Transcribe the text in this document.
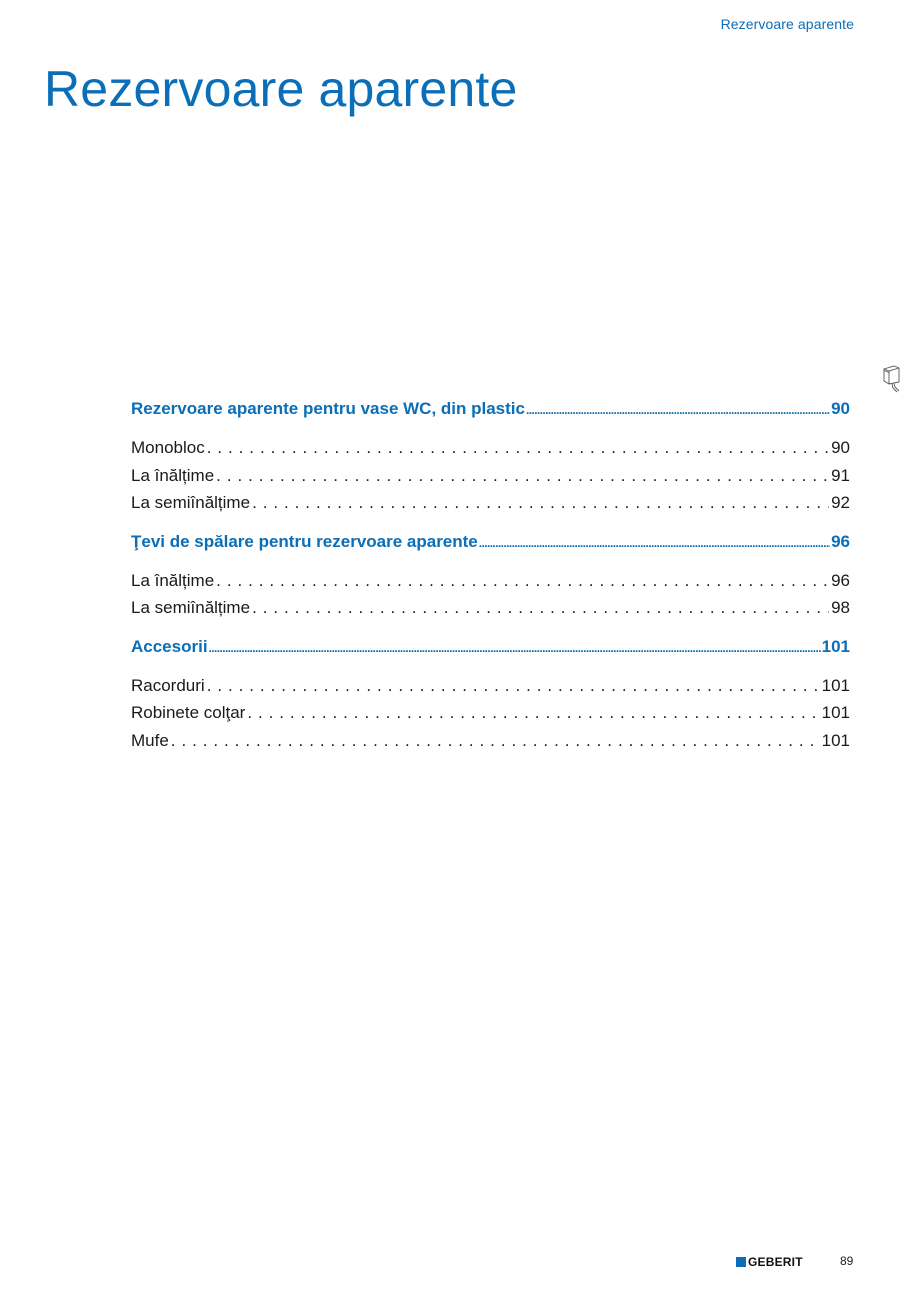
Rezervoare aparente
Rezervoare aparente
Rezervoare aparente pentru vase WC, din plastic .....	90
Monobloc . . .	90
La înălțime . . .	91
La semiînălțime . . .	92
Ţevi de spălare pentru rezervoare aparente .....	96
La înălțime . . .	96
La semiînălțime . . .	98
Accesorii .....	101
Racorduri . . .	101
Robinete colţar . . .	101
Mufe . . .	101
GEBERIT	89
